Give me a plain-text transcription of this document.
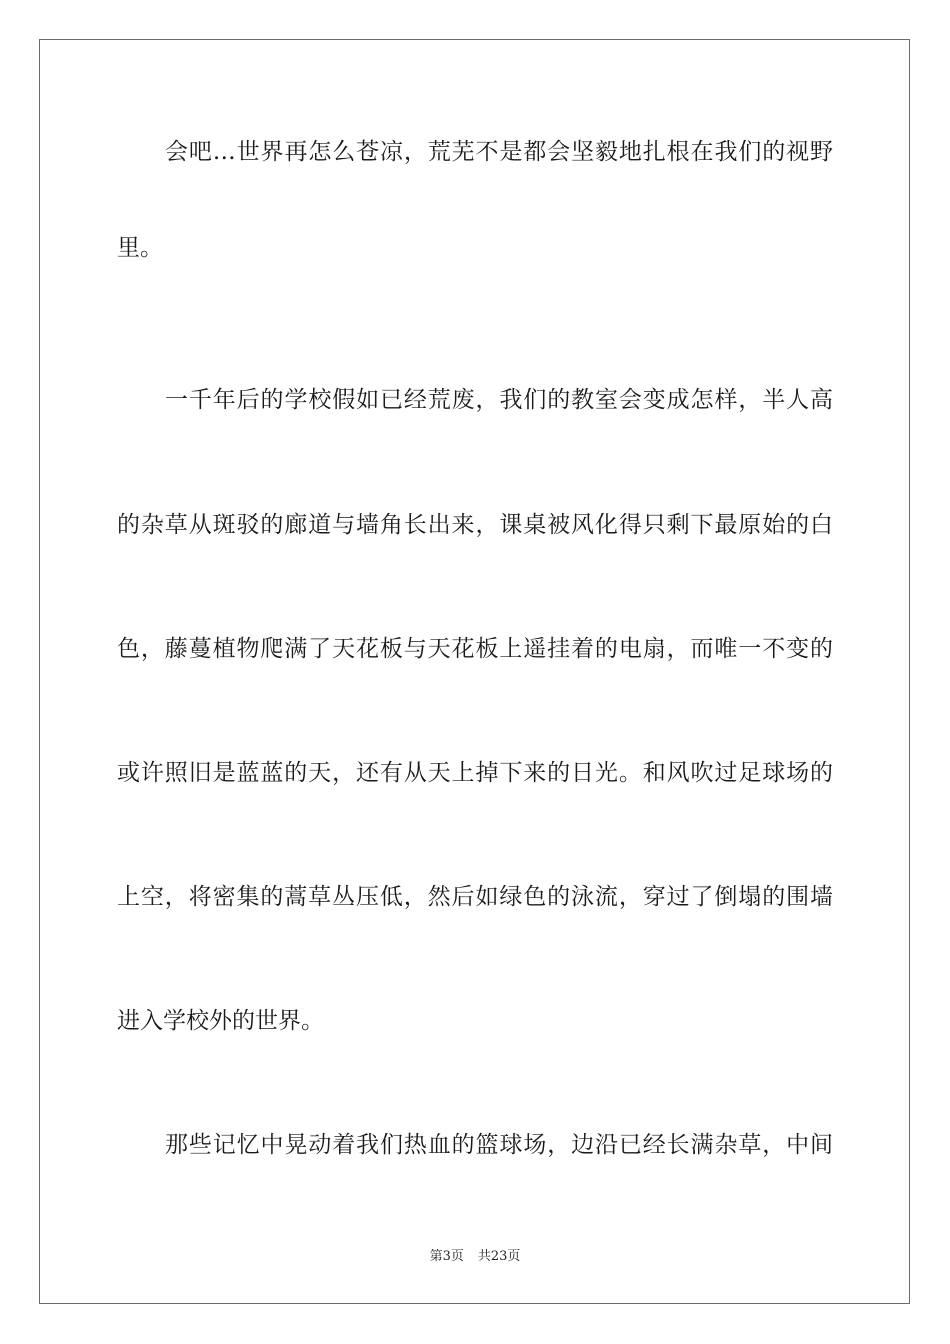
会吧…世界再怎么苍凉，荒芜不是都会坚毅地扎根在我们的视野
里。
一千年后的学校假如已经荒废，我们的教室会变成怎样，半人高
的杂草从斑驳的廊道与墙角长出来，课桌被风化得只剩下最原始的白
色，藤蔓植物爬满了天花板与天花板上遥挂着的电扇，而唯一不变的
或许照旧是蓝蓝的天，还有从天上掉下来的日光。和风吹过足球场的
上空，将密集的蒿草丛压低，然后如绿色的泳流，穿过了倒塌的围墙
进入学校外的世界。
那些记忆中晃动着我们热血的篮球场，边沿已经长满杂草，中间
第3页 共23页
